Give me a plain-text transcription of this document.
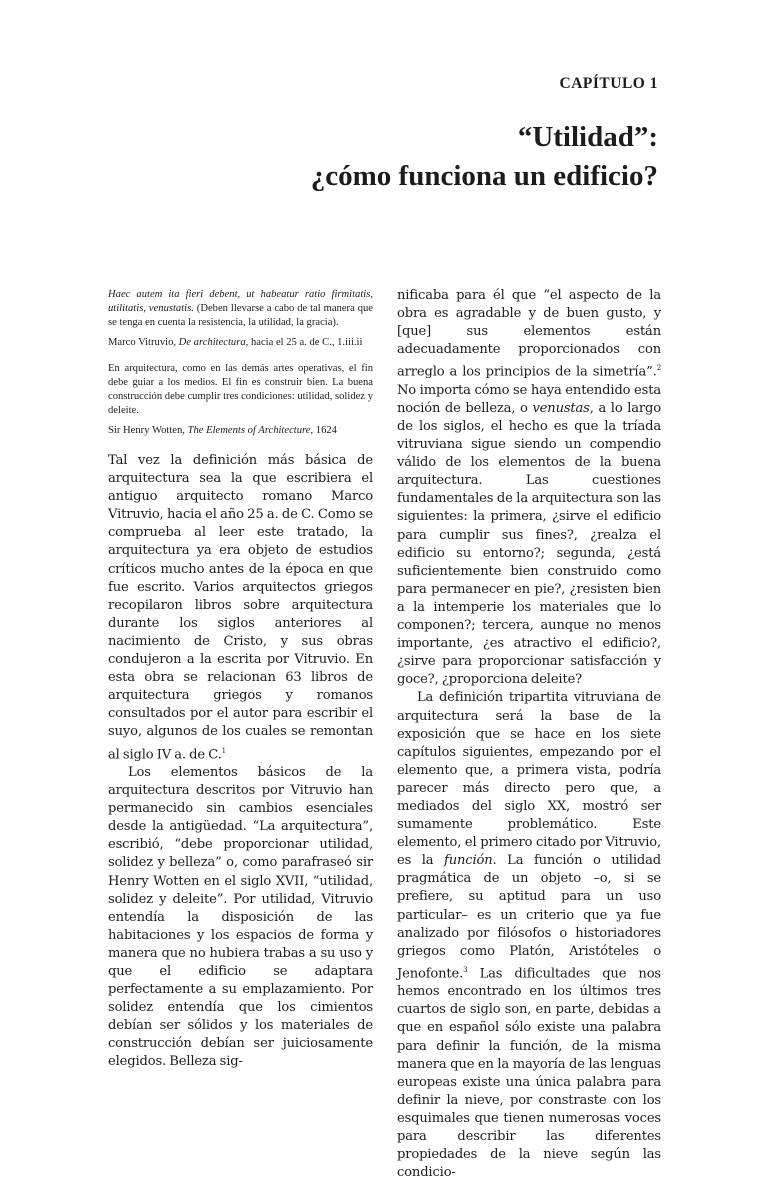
CAPÍTULO 1
“Utilidad”:
¿cómo funciona un edificio?

Haec autem ita fieri debent, ut habeatur ratio firmitatis, utilitatis, venustatis. (Deben llevarse a cabo de tal manera que se tenga en cuenta la resistencia, la utilidad, la gracia).

Marco Vitruvio, De architectura, hacia el 25 a. de C., 1.iii.ii

En arquitectura, como en las demás artes operativas, el fin debe guiar a los medios. El fin es construir bien. La buena construcción debe cumplir tres condiciones: utilidad, solidez y deleite.

Sir Henry Wotten, The Elements of Architecture, 1624

Tal vez la definición más básica de arquitectura sea la que escribiera el antiguo arquitecto romano Marco Vitruvio, hacia el año 25 a. de C. Como se comprueba al leer este tratado, la arquitectura ya era objeto de estudios críticos mucho antes de la época en que fue escrito. Varios arquitectos griegos recopilaron libros sobre arquitectura durante los siglos anteriores al nacimiento de Cristo, y sus obras condujeron a la escrita por Vitruvio. En esta obra se relacionan 63 libros de arquitectura griegos y romanos consultados por el autor para escribir el suyo, algunos de los cuales se remontan al siglo IV a. de C.$^1$

Los elementos básicos de la arquitectura descritos por Vitruvio han permanecido sin cambios esenciales desde la antigüedad. “La arquitectura”, escribió, “debe proporcionar utilidad, solidez y belleza” o, como parafraseó sir Henry Wotten en el siglo XVII, “utilidad, solidez y deleite”. Por utilidad, Vitruvio entendía la disposición de las habitaciones y los espacios de forma y manera que no hubiera trabas a su uso y que el edificio se adaptara perfectamente a su emplazamiento. Por solidez entendía que los cimientos debían ser sólidos y los materiales de construcción debían ser juiciosamente elegidos. Belleza sig-

nificaba para él que “el aspecto de la obra es agradable y de buen gusto, y [que] sus elementos están adecuadamente proporcionados con arreglo a los principios de la simetría”.$^2$ No importa cómo se haya entendido esta noción de belleza, o venustas, a lo largo de los siglos, el hecho es que la tríada vitruviana sigue siendo un compendio válido de los elementos de la buena arquitectura. Las cuestiones fundamentales de la arquitectura son las siguientes: la primera, ¿sirve el edificio para cumplir sus fines?, ¿realza el edificio su entorno?; segunda, ¿está suficientemente bien construido como para permanecer en pie?, ¿resisten bien a la intemperie los materiales que lo componen?; tercera, aunque no menos importante, ¿es atractivo el edificio?, ¿sirve para proporcionar satisfacción y goce?, ¿proporciona deleite?

La definición tripartita vitruviana de arquitectura será la base de la exposición que se hace en los siete capítulos siguientes, empezando por el elemento que, a primera vista, podría parecer más directo pero que, a mediados del siglo XX, mostró ser sumamente problemático. Este elemento, el primero citado por Vitruvio, es la función. La función o utilidad pragmática de un objeto –o, si se prefiere, su aptitud para un uso particular– es un criterio que ya fue analizado por filósofos o historiadores griegos como Platón, Aristóteles o Jenofonte.$^3$ Las dificultades que nos hemos encontrado en los últimos tres cuartos de siglo son, en parte, debidas a que en español sólo existe una palabra para definir la función, de la misma manera que en la mayoría de las lenguas europeas existe una única palabra para definir la nieve, por constraste con los esquimales que tienen numerosas voces para describir las diferentes propiedades de la nieve según las condicio-
